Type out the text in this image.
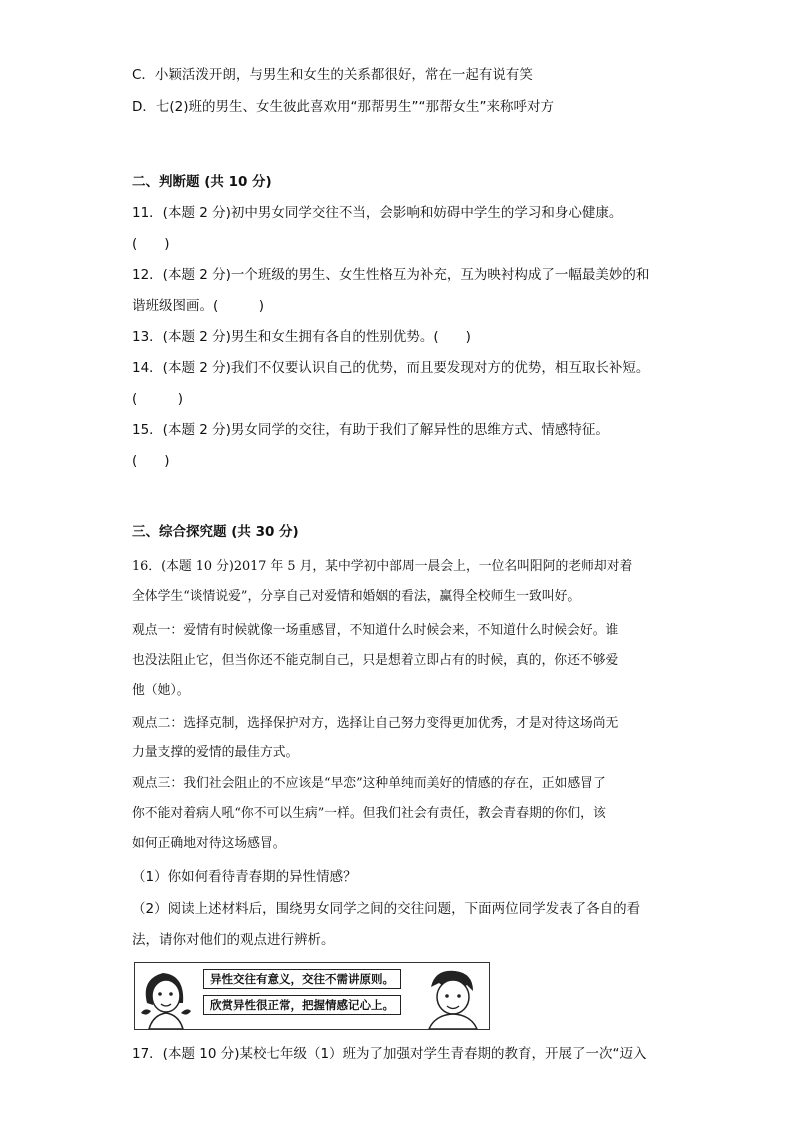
C．小颖活泼开朗，与男生和女生的关系都很好，常在一起有说有笑
D．七(2)班的男生、女生彼此喜欢用“那帮男生”“那帮女生”来称呼对方
二、判断题 (共 10 分)
11．(本题 2 分)初中男女同学交往不当，会影响和妨碍中学生的学习和身心健康。
(　　)
12．(本题 2 分)一个班级的男生、女生性格互为补充，互为映衬构成了一幅最美妙的和
谐班级图画。(　　　)
13．(本题 2 分)男生和女生拥有各自的性别优势。(　　)
14．(本题 2 分)我们不仅要认识自己的优势，而且要发现对方的优势，相互取长补短。
(　　　)
15．(本题 2 分)男女同学的交往，有助于我们了解异性的思维方式、情感特征。
(　　)
三、综合探究题 (共 30 分)
16．(本题 10 分)2017 年 5 月，某中学初中部周一晨会上，一位名叫阳阿的老师却对着
全体学生“谈情说爱”，分享自己对爱情和婚姻的看法，赢得全校师生一致叫好。
观点一：爱情有时候就像一场重感冒，不知道什么时候会来，不知道什么时候会好。谁
也没法阻止它，但当你还不能克制自己，只是想着立即占有的时候，真的，你还不够爱
他（她）。
观点二：选择克制，选择保护对方，选择让自己努力变得更加优秀，才是对待这场尚无
力量支撑的爱情的最佳方式。
观点三：我们社会阻止的不应该是“早恋”这种单纯而美好的情感的存在，正如感冒了
你不能对着病人吼“你不可以生病”一样。但我们社会有责任，教会青春期的你们，该
如何正确地对待这场感冒。
（1）你如何看待青春期的异性情感？
（2）阅读上述材料后，围绕男女同学之间的交往问题，下面两位同学发表了各自的看
法，请你对他们的观点进行辨析。
异性交往有意义，交往不需讲原则。
欣赏异性很正常，把握情感记心上。
17．(本题 10 分)某校七年级（1）班为了加强对学生青春期的教育，开展了一次“迈入
